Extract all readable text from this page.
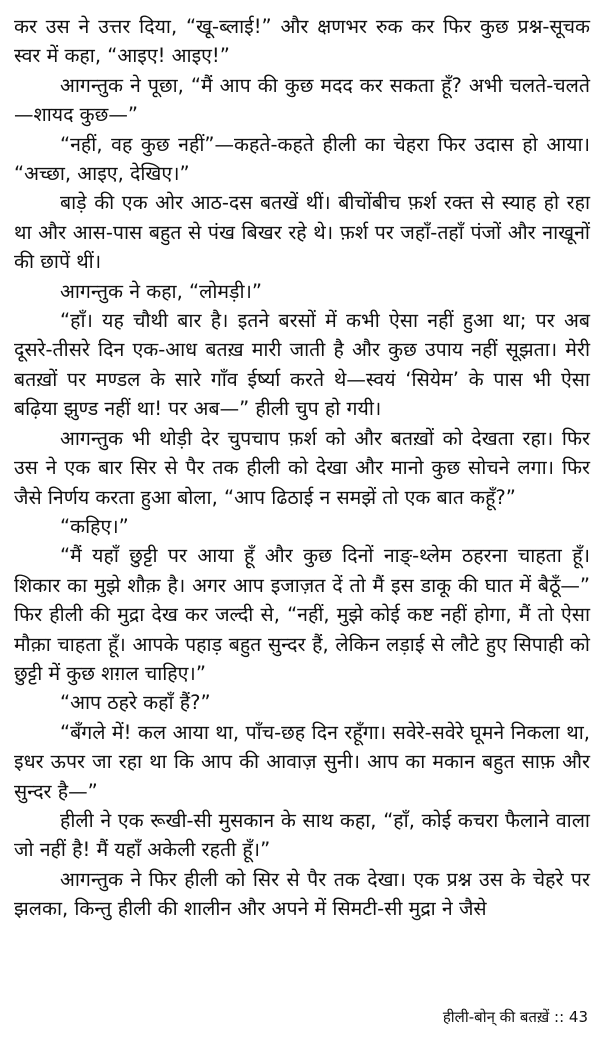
कर उस ने उत्तर दिया, “खू-ब्लाई!” और क्षणभर रुक कर फिर कुछ प्रश्न-सूचक स्वर में कहा, “आइए! आइए!”

आगन्तुक ने पूछा, “मैं आप की कुछ मदद कर सकता हूँ? अभी चलते-चलते—शायद कुछ—”

“नहीं, वह कुछ नहीं”—कहते-कहते हीली का चेहरा फिर उदास हो आया। “अच्छा, आइए, देखिए।”

बाड़े की एक ओर आठ-दस बतखें थीं। बीचोंबीच फ़र्श रक्त से स्याह हो रहा था और आस-पास बहुत से पंख बिखर रहे थे। फ़र्श पर जहाँ-तहाँ पंजों और नाखूनों की छापें थीं।

आगन्तुक ने कहा, “लोमड़ी।”

“हाँ। यह चौथी बार है। इतने बरसों में कभी ऐसा नहीं हुआ था; पर अब दूसरे-तीसरे दिन एक-आध बतख़ मारी जाती है और कुछ उपाय नहीं सूझता। मेरी बतख़ों पर मण्डल के सारे गाँव ईर्ष्या करते थे—स्वयं ‘सियेम’ के पास भी ऐसा बढ़िया झुण्ड नहीं था! पर अब—” हीली चुप हो गयी।

आगन्तुक भी थोड़ी देर चुपचाप फ़र्श को और बतख़ों को देखता रहा। फिर उस ने एक बार सिर से पैर तक हीली को देखा और मानो कुछ सोचने लगा। फिर जैसे निर्णय करता हुआ बोला, “आप ढिठाई न समझें तो एक बात कहूँ?”

“कहिए।”

“मैं यहाँ छुट्टी पर आया हूँ और कुछ दिनों नाङ्-थ्लेम ठहरना चाहता हूँ। शिकार का मुझे शौक़ है। अगर आप इजाज़त दें तो मैं इस डाकू की घात में बैठूँ—” फिर हीली की मुद्रा देख कर जल्दी से, “नहीं, मुझे कोई कष्ट नहीं होगा, मैं तो ऐसा मौक़ा चाहता हूँ। आपके पहाड़ बहुत सुन्दर हैं, लेकिन लड़ाई से लौटे हुए सिपाही को छुट्टी में कुछ शग़ल चाहिए।”

“आप ठहरे कहाँ हैं?”

“बँगले में! कल आया था, पाँच-छह दिन रहूँगा। सवेरे-सवेरे घूमने निकला था, इधर ऊपर जा रहा था कि आप की आवाज़ सुनी। आप का मकान बहुत साफ़ और सुन्दर है—”

हीली ने एक रूखी-सी मुसकान के साथ कहा, “हाँ, कोई कचरा फैलाने वाला जो नहीं है! मैं यहाँ अकेली रहती हूँ।”

आगन्तुक ने फिर हीली को सिर से पैर तक देखा। एक प्रश्न उस के चेहरे पर झलका, किन्तु हीली की शालीन और अपने में सिमटी-सी मुद्रा ने जैसे

हीली-बोन् की बतख़ें :: 43
